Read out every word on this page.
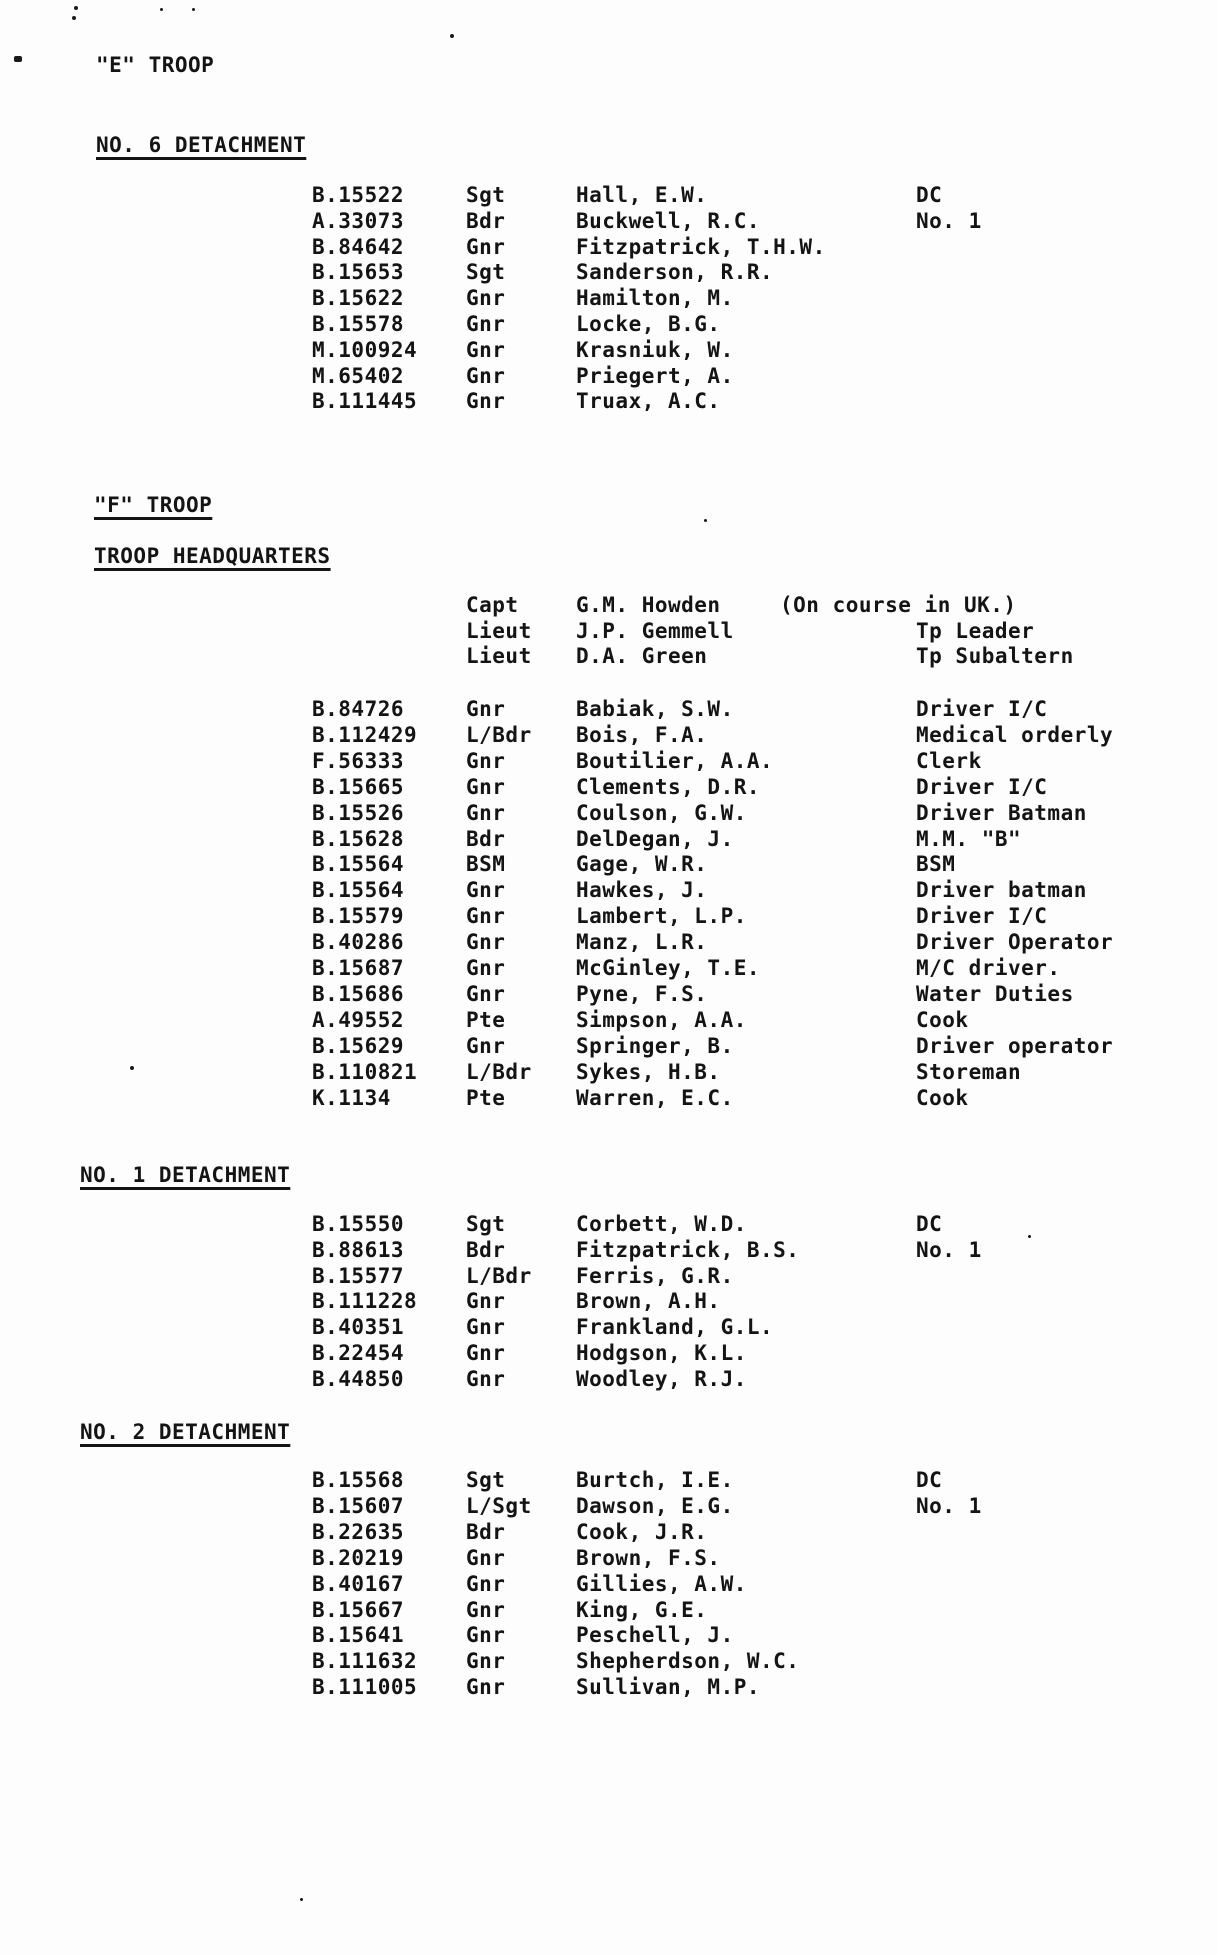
"E" TROOP
NO. 6 DETACHMENT
B.15522	Sgt	Hall, E.W.	DC
A.33073	Bdr	Buckwell, R.C.	No. 1
B.84642	Gnr	Fitzpatrick, T.H.W.
B.15653	Sgt	Sanderson, R.R.
B.15622	Gnr	Hamilton, M.
B.15578	Gnr	Locke, B.G.
M.100924 Gnr	Krasniuk, W.
M.65402	Gnr	Priegert, A.
B.111445 Gnr	Truax, A.C.
"F" TROOP
TROOP HEADQUARTERS
Capt	G.M. Howden	(On course in UK.)
Lieut J.P. Gemmell	Tp Leader
Lieut D.A. Green	Tp Subaltern
B.84726	Gnr	Babiak, S.W.	Driver I/C
B.112429 L/Bdr Bois, F.A.	Medical orderly
F.56333	Gnr	Boutilier, A.A.	Clerk
B.15665	Gnr	Clements, D.R.	Driver I/C
B.15526	Gnr	Coulson, G.W.	Driver Batman
B.15628	Bdr	DelDegan, J.	M.M. "B"
B.15564	BSM	Gage, W.R.	BSM
B.15564	Gnr	Hawkes, J.	Driver batman
B.15579	Gnr	Lambert, L.P.	Driver I/C
B.40286	Gnr	Manz, L.R.	Driver Operator
B.15687	Gnr	McGinley, T.E.	M/C driver.
B.15686	Gnr	Pyne, F.S.	Water Duties
A.49552	Pte	Simpson, A.A.	Cook
B.15629	Gnr	Springer, B.	Driver operator
B.110821 L/Bdr Sykes, H.B.	Storeman
K.1134	Pte	Warren, E.C.	Cook
NO. 1 DETACHMENT
B.15550	Sgt	Corbett, W.D.	DC
B.88613	Bdr	Fitzpatrick, B.S.	No. 1
B.15577	L/Bdr Ferris, G.R.
B.111228 Gnr	Brown, A.H.
B.40351	Gnr	Frankland, G.L.
B.22454	Gnr	Hodgson, K.L.
B.44850	Gnr	Woodley, R.J.
NO. 2 DETACHMENT
B.15568	Sgt	Burtch, I.E.	DC
B.15607	L/Sgt Dawson, E.G.	No. 1
B.22635	Bdr	Cook, J.R.
B.20219	Gnr	Brown, F.S.
B.40167	Gnr	Gillies, A.W.
B.15667	Gnr	King, G.E.
B.15641	Gnr	Peschell, J.
B.111632 Gnr	Shepherdson, W.C.
B.111005 Gnr	Sullivan, M.P.
